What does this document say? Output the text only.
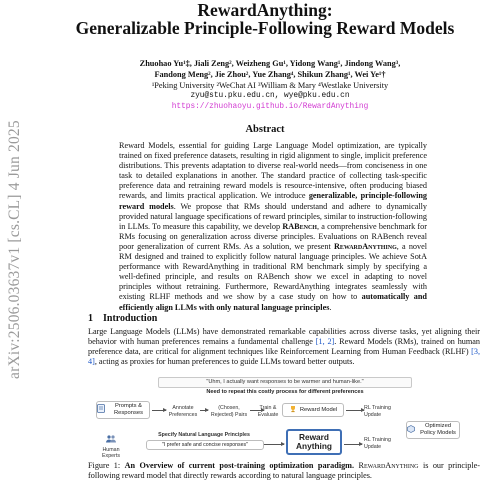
arXiv:2506.03637v1 [cs.CL] 4 Jun 2025
RewardAnything:
Generalizable Principle-Following Reward Models
Zhuohao Yu¹‡, Jiali Zeng², Weizheng Gu¹, Yidong Wang¹, Jindong Wang³,
Fandong Meng², Jie Zhou², Yue Zhang⁴, Shikun Zhang¹, Wei Ye¹†
¹Peking University ²WeChat AI ³William & Mary ⁴Westlake University
zyu@stu.pku.edu.cn, wye@pku.edu.cn
https://zhuohaoyu.github.io/RewardAnything
Abstract
Reward Models, essential for guiding Large Language Model optimization, are typically trained on fixed preference datasets, resulting in rigid alignment to single, implicit preference distributions. This prevents adaptation to diverse real-world needs—from conciseness in one task to detailed explanations in another. The standard practice of collecting task-specific preference data and retraining reward models is resource-intensive, often producing biased rewards, and limits practical application. We introduce generalizable, principle-following reward models. We propose that RMs should understand and adhere to dynamically provided natural language specifications of reward principles, similar to instruction-following in LLMs. To measure this capability, we develop RABench, a comprehensive benchmark for RMs focusing on generalization across diverse principles. Evaluations on RABench reveal poor generalization of current RMs. As a solution, we present RewardAnything, a novel RM designed and trained to explicitly follow natural language principles. We achieve SotA performance with RewardAnything in traditional RM benchmark simply by specifying a well-defined principle, and results on RABench show we excel in adapting to novel principles without retraining. Furthermore, RewardAnything integrates seamlessly with existing RLHF methods and we show by a case study on how to automatically and efficiently align LLMs with only natural language principles.
1 Introduction
Large Language Models (LLMs) have demonstrated remarkable capabilities across diverse tasks, yet aligning their behavior with human preferences remains a fundamental challenge [1, 2]. Reward Models (RMs), trained on human preference data, are critical for alignment techniques like Reinforcement Learning from Human Feedback (RLHF) [3, 4], acting as proxies for human preferences to guide LLMs toward better outputs.
"Uhm, I actually want responses to be warmer and human-like."
Need to repeat this costly process for different preferences
Prompts & Responses
Annotate Preferences
(Chosen, Rejected) Pairs
Train & Evaluate
Reward Model	RL Training Update
Human Experts
Specify Natural Language Principles
"I prefer safe and concise responses"
Reward
Anything
RL Training Update
Optimized Policy Models
Figure 1: An Overview of current post-training optimization paradigm. RewardAnything is our principle-following reward model that directly rewards according to natural language principles.
